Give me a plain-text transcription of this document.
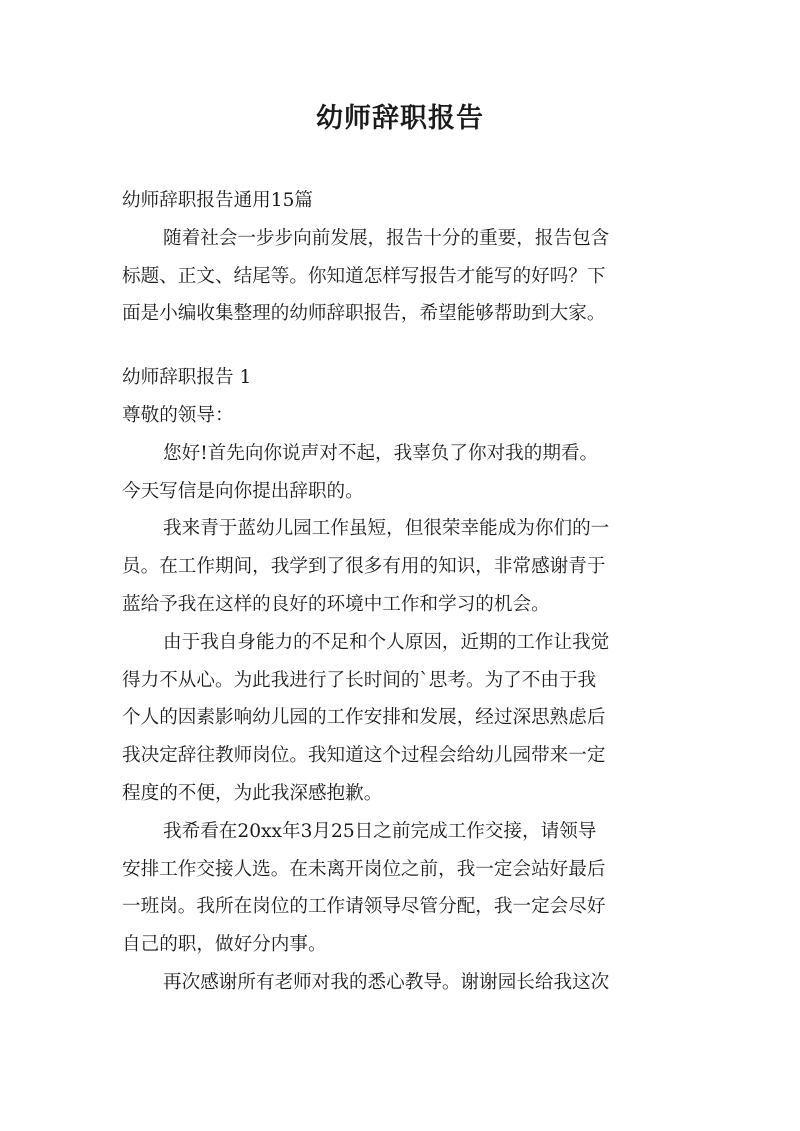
幼师辞职报告

幼师辞职报告通用15篇

随着社会一步步向前发展，报告十分的重要，报告包含

标题、正文、结尾等。你知道怎样写报告才能写的好吗？下

面是小编收集整理的幼师辞职报告，希望能够帮助到大家。

幼师辞职报告 1

尊敬的领导：

您好!首先向你说声对不起，我辜负了你对我的期看。

今天写信是向你提出辞职的。

我来青于蓝幼儿园工作虽短，但很荣幸能成为你们的一

员。在工作期间，我学到了很多有用的知识，非常感谢青于

蓝给予我在这样的良好的环境中工作和学习的机会。

由于我自身能力的不足和个人原因，近期的工作让我觉

得力不从心。为此我进行了长时间的`思考。为了不由于我

个人的因素影响幼儿园的工作安排和发展，经过深思熟虑后

我决定辞往教师岗位。我知道这个过程会给幼儿园带来一定

程度的不便，为此我深感抱歉。

我希看在20xx年3月25日之前完成工作交接，请领导

安排工作交接人选。在未离开岗位之前，我一定会站好最后

一班岗。我所在岗位的工作请领导尽管分配，我一定会尽好

自己的职，做好分内事。

再次感谢所有老师对我的悉心教导。谢谢园长给我这次
